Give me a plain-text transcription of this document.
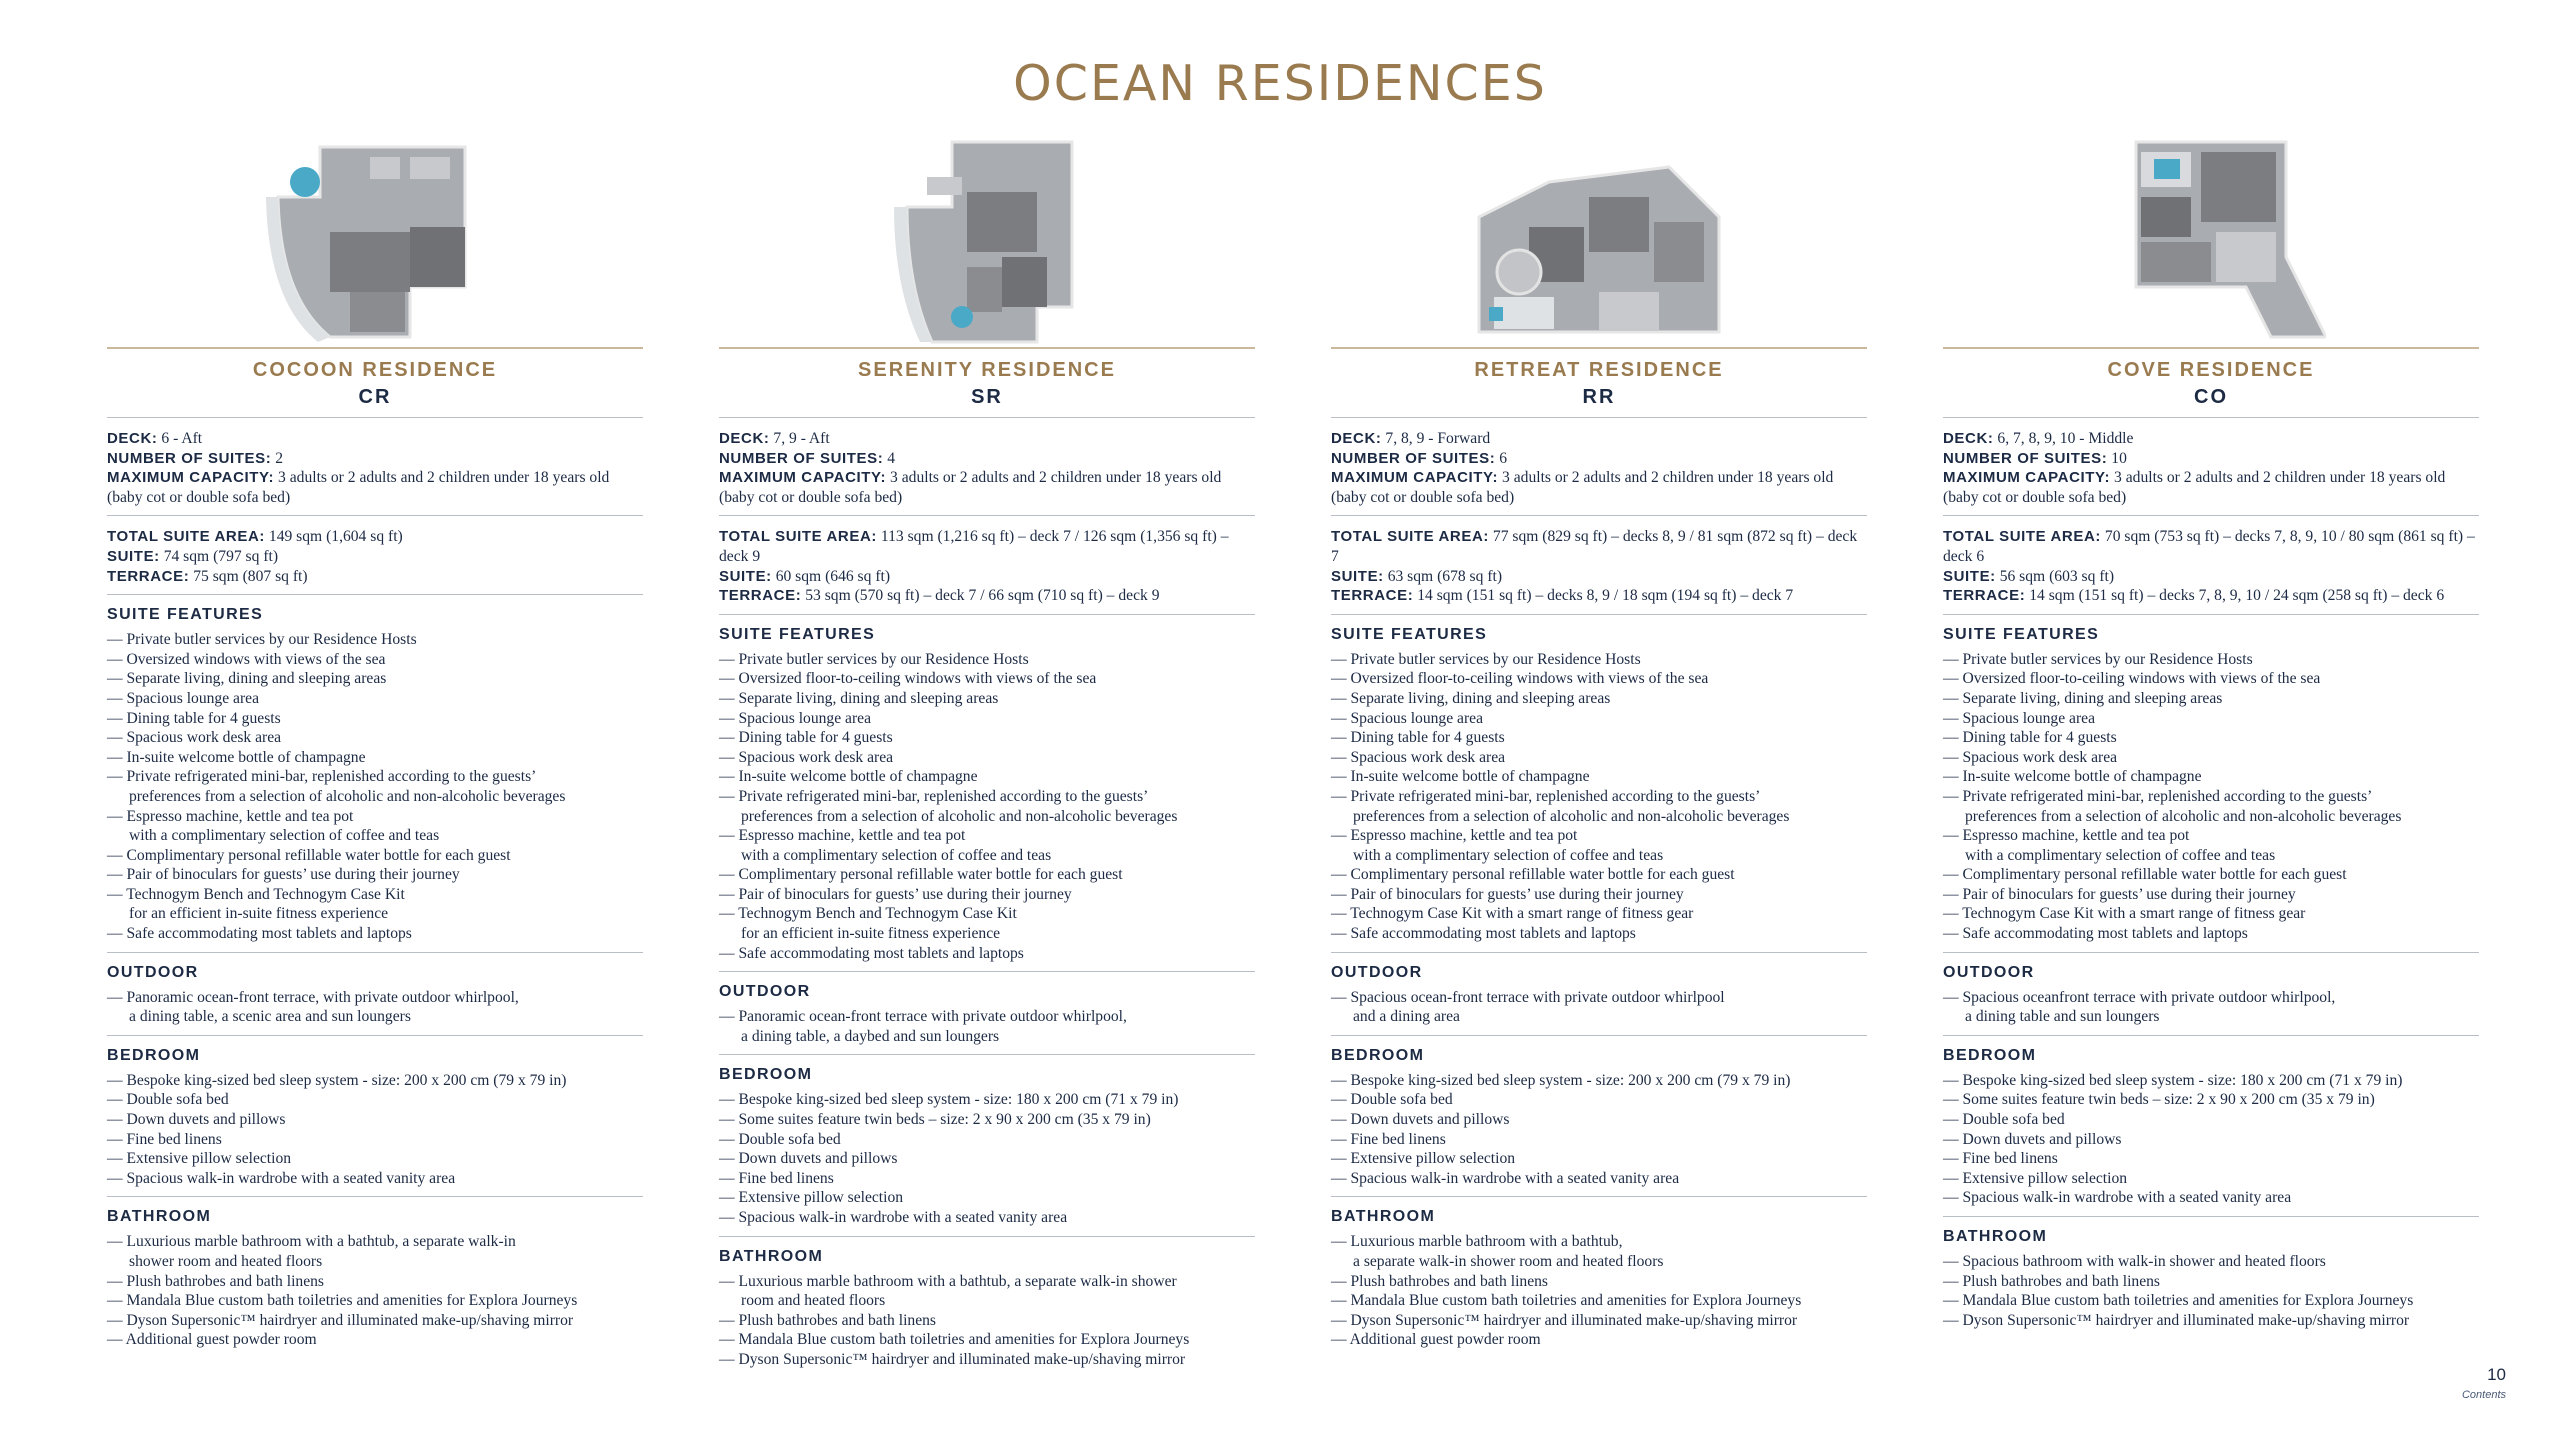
OCEAN RESIDENCES
COCOON RESIDENCE
CR

DECK: 6 - Aft

NUMBER OF SUITES: 2

MAXIMUM CAPACITY: 3 adults or 2 adults and 2 children under 18 years old (baby cot or double sofa bed)

TOTAL SUITE AREA: 149 sqm (1,604 sq ft)

SUITE: 74 sqm (797 sq ft)

TERRACE: 75 sqm (807 sq ft)

SUITE FEATURES
— Private butler services by our Residence Hosts
— Oversized windows with views of the sea
— Separate living, dining and sleeping areas
— Spacious lounge area
— Dining table for 4 guests
— Spacious work desk area
— In-suite welcome bottle of champagne
— Private refrigerated mini-bar, replenished according to the guests’
preferences from a selection of alcoholic and non-alcoholic beverages
— Espresso machine, kettle and tea pot
with a complimentary selection of coffee and teas
— Complimentary personal refillable water bottle for each guest
— Pair of binoculars for guests’ use during their journey
— Technogym Bench and Technogym Case Kit
for an efficient in-suite fitness experience
— Safe accommodating most tablets and laptops
OUTDOOR
— Panoramic ocean-front terrace, with private outdoor whirlpool,
a dining table, a scenic area and sun loungers
BEDROOM
— Bespoke king-sized bed sleep system - size: 200 x 200 cm (79 x 79 in)
— Double sofa bed
— Down duvets and pillows
— Fine bed linens
— Extensive pillow selection
— Spacious walk-in wardrobe with a seated vanity area
BATHROOM
— Luxurious marble bathroom with a bathtub, a separate walk-in
shower room and heated floors
— Plush bathrobes and bath linens
— Mandala Blue custom bath toiletries and amenities for Explora Journeys
— Dyson Supersonic™ hairdryer and illuminated make-up/shaving mirror
— Additional guest powder room
SERENITY RESIDENCE
SR

DECK: 7, 9 - Aft

NUMBER OF SUITES: 4

MAXIMUM CAPACITY: 3 adults or 2 adults and 2 children under 18 years old (baby cot or double sofa bed)

TOTAL SUITE AREA: 113 sqm (1,216 sq ft) – deck 7 / 126 sqm (1,356 sq ft) – deck 9

SUITE: 60 sqm (646 sq ft)

TERRACE: 53 sqm (570 sq ft) – deck 7 / 66 sqm (710 sq ft) – deck 9

SUITE FEATURES
— Private butler services by our Residence Hosts
— Oversized floor-to-ceiling windows with views of the sea
— Separate living, dining and sleeping areas
— Spacious lounge area
— Dining table for 4 guests
— Spacious work desk area
— In-suite welcome bottle of champagne
— Private refrigerated mini-bar, replenished according to the guests’
preferences from a selection of alcoholic and non-alcoholic beverages
— Espresso machine, kettle and tea pot
with a complimentary selection of coffee and teas
— Complimentary personal refillable water bottle for each guest
— Pair of binoculars for guests’ use during their journey
— Technogym Bench and Technogym Case Kit
for an efficient in-suite fitness experience
— Safe accommodating most tablets and laptops
OUTDOOR
— Panoramic ocean-front terrace with private outdoor whirlpool,
a dining table, a daybed and sun loungers
BEDROOM
— Bespoke king-sized bed sleep system - size: 180 x 200 cm (71 x 79 in)
— Some suites feature twin beds – size: 2 x 90 x 200 cm (35 x 79 in)
— Double sofa bed
— Down duvets and pillows
— Fine bed linens
— Extensive pillow selection
— Spacious walk-in wardrobe with a seated vanity area
BATHROOM
— Luxurious marble bathroom with a bathtub, a separate walk-in shower
room and heated floors
— Plush bathrobes and bath linens
— Mandala Blue custom bath toiletries and amenities for Explora Journeys
— Dyson Supersonic™ hairdryer and illuminated make-up/shaving mirror
RETREAT RESIDENCE
RR

DECK: 7, 8, 9 - Forward

NUMBER OF SUITES: 6

MAXIMUM CAPACITY: 3 adults or 2 adults and 2 children under 18 years old (baby cot or double sofa bed)

TOTAL SUITE AREA: 77 sqm (829 sq ft) – decks 8, 9 / 81 sqm (872 sq ft) – deck 7

SUITE: 63 sqm (678 sq ft)

TERRACE: 14 sqm (151 sq ft) – decks 8, 9 / 18 sqm (194 sq ft) – deck 7

SUITE FEATURES
— Private butler services by our Residence Hosts
— Oversized floor-to-ceiling windows with views of the sea
— Separate living, dining and sleeping areas
— Spacious lounge area
— Dining table for 4 guests
— Spacious work desk area
— In-suite welcome bottle of champagne
— Private refrigerated mini-bar, replenished according to the guests’
preferences from a selection of alcoholic and non-alcoholic beverages
— Espresso machine, kettle and tea pot
with a complimentary selection of coffee and teas
— Complimentary personal refillable water bottle for each guest
— Pair of binoculars for guests’ use during their journey
— Technogym Case Kit with a smart range of fitness gear
— Safe accommodating most tablets and laptops
OUTDOOR
— Spacious ocean-front terrace with private outdoor whirlpool
and a dining area
BEDROOM
— Bespoke king-sized bed sleep system - size: 200 x 200 cm (79 x 79 in)
— Double sofa bed
— Down duvets and pillows
— Fine bed linens
— Extensive pillow selection
— Spacious walk-in wardrobe with a seated vanity area
BATHROOM
— Luxurious marble bathroom with a bathtub,
a separate walk-in shower room and heated floors
— Plush bathrobes and bath linens
— Mandala Blue custom bath toiletries and amenities for Explora Journeys
— Dyson Supersonic™ hairdryer and illuminated make-up/shaving mirror
— Additional guest powder room
COVE RESIDENCE
CO

DECK: 6, 7, 8, 9, 10 - Middle

NUMBER OF SUITES: 10

MAXIMUM CAPACITY: 3 adults or 2 adults and 2 children under 18 years old (baby cot or double sofa bed)

TOTAL SUITE AREA: 70 sqm (753 sq ft) – decks 7, 8, 9, 10 / 80 sqm (861 sq ft) – deck 6

SUITE: 56 sqm (603 sq ft)

TERRACE: 14 sqm (151 sq ft) – decks 7, 8, 9, 10 / 24 sqm (258 sq ft) – deck 6

SUITE FEATURES
— Private butler services by our Residence Hosts
— Oversized floor-to-ceiling windows with views of the sea
— Separate living, dining and sleeping areas
— Spacious lounge area
— Dining table for 4 guests
— Spacious work desk area
— In-suite welcome bottle of champagne
— Private refrigerated mini-bar, replenished according to the guests’
preferences from a selection of alcoholic and non-alcoholic beverages
— Espresso machine, kettle and tea pot
with a complimentary selection of coffee and teas
— Complimentary personal refillable water bottle for each guest
— Pair of binoculars for guests’ use during their journey
— Technogym Case Kit with a smart range of fitness gear
— Safe accommodating most tablets and laptops
OUTDOOR
— Spacious oceanfront terrace with private outdoor whirlpool,
a dining table and sun loungers
BEDROOM
— Bespoke king-sized bed sleep system - size: 180 x 200 cm (71 x 79 in)
— Some suites feature twin beds – size: 2 x 90 x 200 cm (35 x 79 in)
— Double sofa bed
— Down duvets and pillows
— Fine bed linens
— Extensive pillow selection
— Spacious walk-in wardrobe with a seated vanity area
BATHROOM
— Spacious bathroom with walk-in shower and heated floors
— Plush bathrobes and bath linens
— Mandala Blue custom bath toiletries and amenities for Explora Journeys
— Dyson Supersonic™ hairdryer and illuminated make-up/shaving mirror
10
Contents
